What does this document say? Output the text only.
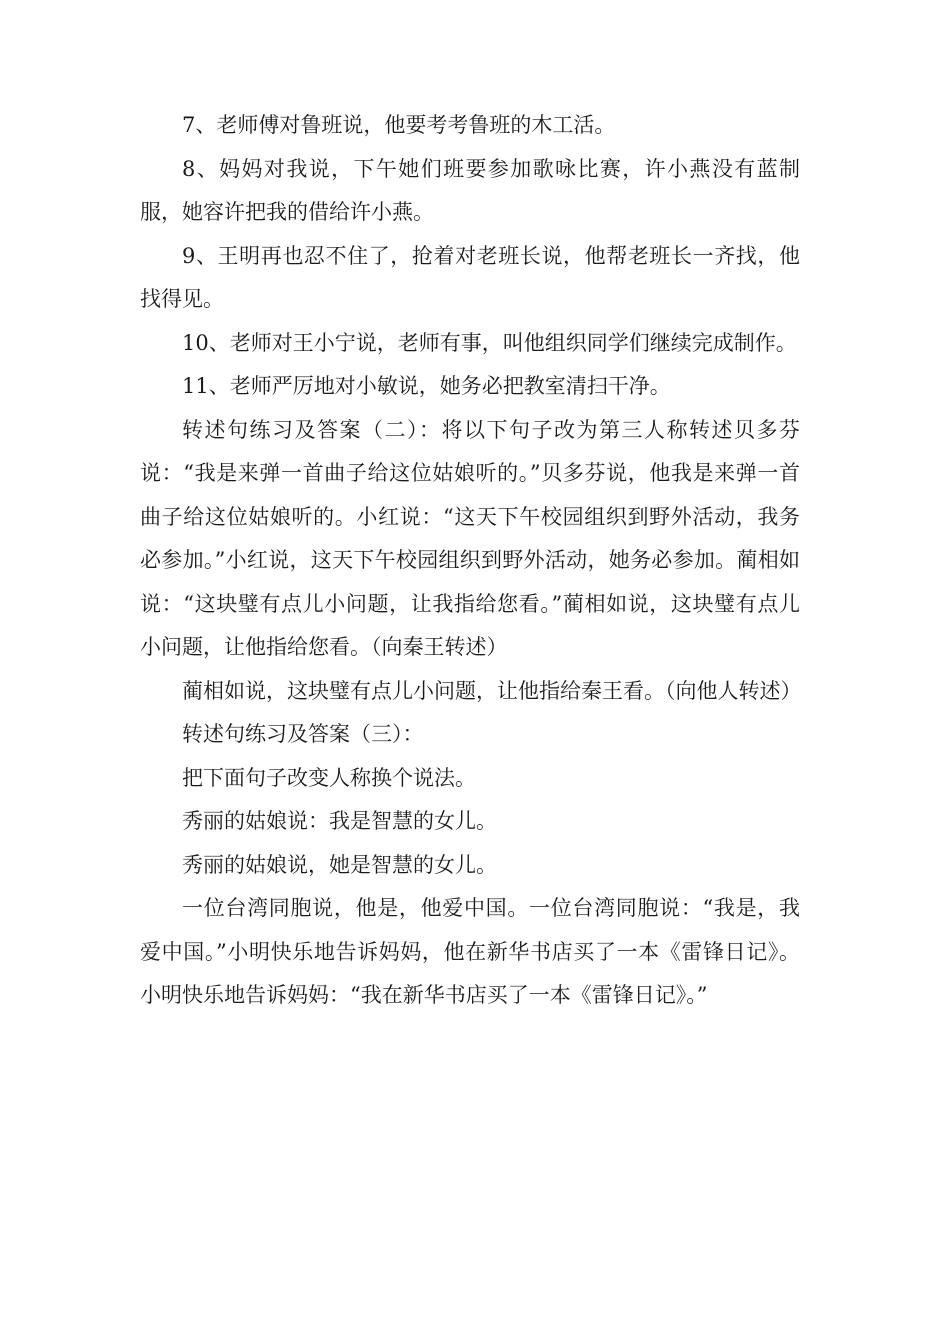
7、老师傅对鲁班说，他要考考鲁班的木工活。

8、妈妈对我说，下午她们班要参加歌咏比赛，许小燕没有蓝制服，她容许把我的借给许小燕。

9、王明再也忍不住了，抢着对老班长说，他帮老班长一齐找，他找得见。

10、老师对王小宁说，老师有事，叫他组织同学们继续完成制作。

11、老师严厉地对小敏说，她务必把教室清扫干净。

转述句练习及答案（二）：将以下句子改为第三人称转述贝多芬说：“我是来弹一首曲子给这位姑娘听的。”贝多芬说，他我是来弹一首曲子给这位姑娘听的。小红说：“这天下午校园组织到野外活动，我务必参加。”小红说，这天下午校园组织到野外活动，她务必参加。蔺相如说：“这块璧有点儿小问题，让我指给您看。”蔺相如说，这块璧有点儿小问题，让他指给您看。（向秦王转述）

蔺相如说，这块璧有点儿小问题，让他指给秦王看。（向他人转述）

转述句练习及答案（三）：

把下面句子改变人称换个说法。

秀丽的姑娘说：我是智慧的女儿。

秀丽的姑娘说，她是智慧的女儿。

一位台湾同胞说，他是，他爱中国。一位台湾同胞说：“我是，我爱中国。”小明快乐地告诉妈妈，他在新华书店买了一本《雷锋日记》。小明快乐地告诉妈妈：“我在新华书店买了一本《雷锋日记》。”
